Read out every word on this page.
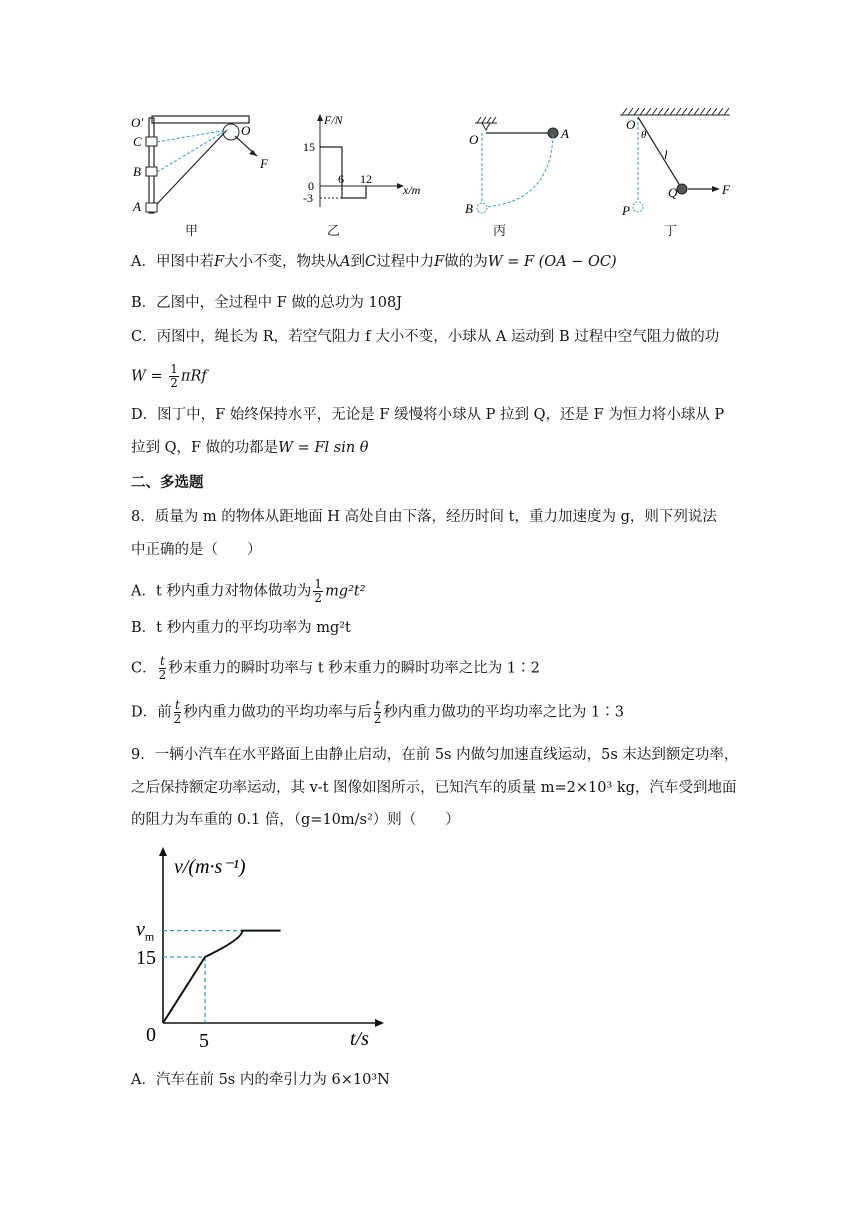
O′
C
B
A
O
F
甲
F/N
x/m
15
0
-3
6 12
乙
O	A
B
丙
O
θ
l
Q	F
P
丁
A．甲图中若F大小不变，物块从A到C过程中力F做的为W = F (OA − OC)
B．乙图中，全过程中 F 做的总功为 108J
C．丙图中，绳长为 R，若空气阻力 f 大小不变，小球从 A 运动到 B 过程中空气阻力做的功
$W = \frac{1}{2}$ πRf
D．图丁中，F 始终保持水平，无论是 F 缓慢将小球从 P 拉到 Q，还是 F 为恒力将小球从 P
拉到 Q，F 做的功都是W = Fl sin θ
二、多选题
8．质量为 m 的物体从距地面 H 高处自由下落，经历时间 t，重力加速度为 g，则下列说法
中正确的是（　　）
A．t 秒内重力对物体做功为 $\frac{1}{2} mg^2t^2$
B．t 秒内重力的平均功率为 mg²t
C． $\frac{t}{2}$ 秒末重力的瞬时功率与 t 秒末重力的瞬时功率之比为 1∶2
D．前 $\frac{t}{2}$ 秒内重力做功的平均功率与后 $\frac{t}{2}$ 秒内重力做功的平均功率之比为 1∶3
9．一辆小汽车在水平路面上由静止启动，在前 5s 内做匀加速直线运动，5s 末达到额定功率，
之后保持额定功率运动，其 v-t 图像如图所示，已知汽车的质量 m=2×10³ kg，汽车受到地面
的阻力为车重的 0.1 倍，（g=10m/s²）则（　　）
v/(m·s⁻¹)
t/s
0
15
$v_m$
5
A．汽车在前 5s 内的牵引力为 6×10³N
